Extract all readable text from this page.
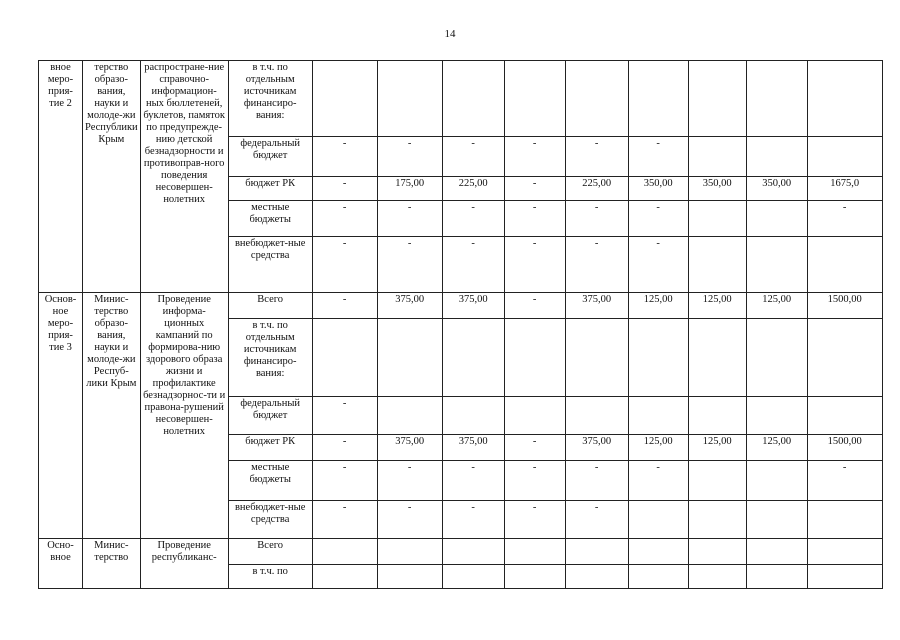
14
вное меро-прия-тие 2	терство образо-вания, науки и молоде-жи Республики Крым	распростране-ние справочно-информацион-ных бюллетеней, буклетов, памяток по предупрежде-нию детской безнадзорности и противоправ-ного поведения несовершен-нолетних	в т.ч. по отдельным источникам финансиро-вания:									
			федеральный бюджет	-	-	-	-	-	-			
			бюджет РК	-	175,00	225,00	-	225,00	350,00	350,00	350,00	1675,0
			местные бюджеты	-	-	-	-	-	-			-
			внебюджет-ные средства	-	-	-	-	-	-			
Основ-ное меро-прия-тие 3	Минис-терство образо-вания, науки и молоде-жи Респуб-лики Крым	Проведение информа-ционных кампаний по формирова-нию здорового образа жизни и профилактике безнадзорнос-ти и правона-рушений несовершен-нолетних	Всего	-	375,00	375,00	-	375,00	125,00	125,00	125,00	1500,00
			в т.ч. по отдельным источникам финансиро-вания:									
			федеральный бюджет	-								
			бюджет РК	-	375,00	375,00	-	375,00	125,00	125,00	125,00	1500,00
			местные бюджеты	-	-	-	-	-	-			-
			внебюджет-ные средства	-	-	-	-	-				
Осно-вное	Минис-терство	Проведение республиканс-	Всего									
			в т.ч. по									
